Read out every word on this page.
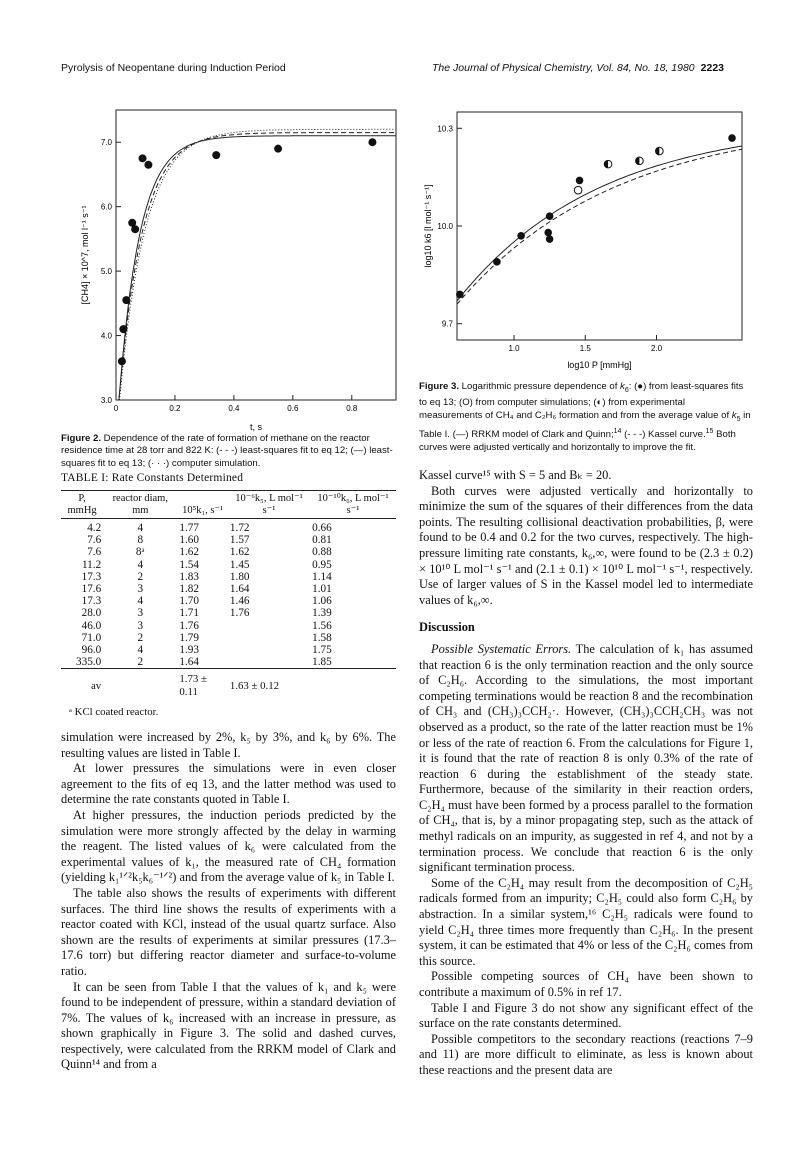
Pyrolysis of Neopentane during Induction Period	The Journal of Physical Chemistry, Vol. 84, No. 18, 1980 2223
0	0.2	0.4	0.6	0.8
3.0
4.0
5.0
6.0
7.0
t, s
[CH4] × 10^7, mol l⁻¹ s⁻¹
Figure 2. Dependence of the rate of formation of methane on the reactor residence time at 28 torr and 822 K: (- - -) least-squares fit to eq 12; (—) least-squares fit to eq 13; (· · ·) computer simulation.
1.0	1.5	2.0
9.7
10.0
10.3
log10 P [mmHg]
log10 k6 [l mol⁻¹ s⁻¹]
Figure 3. Logarithmic pressure dependence of $k_6$: (●) from least-squares fits to eq 13; (O) from computer simulations; (◐) from experimental measurements of CH₄ and C₂H₆ formation and from the average value of $k_5$ in Table I. (—) RRKM model of Clark and Quinn;$^{14}$ (- - -) Kassel curve.$^{15}$ Both curves were adjusted vertically and horizontally to improve the fit.
TABLE I: Rate Constants Determined
P, mmHg	reactor diam, mm	10⁵k₁, s⁻¹	10⁻⁶k₅, L mol⁻¹ s⁻¹	10⁻¹⁰k₆, L mol⁻¹ s⁻¹
4.2	4	1.77	1.72	0.66
7.6	8	1.60	1.57	0.81
7.6	8ᵃ	1.62	1.62	0.88
11.2	4	1.54	1.45	0.95
17.3	2	1.83	1.80	1.14
17.6	3	1.82	1.64	1.01
17.3	4	1.70	1.46	1.06
28.0	3	1.71	1.76	1.39
46.0	3	1.76		1.56
71.0	2	1.79		1.58
96.0	4	1.93		1.75
335.0	2	1.64		1.85
av		1.73 ± 0.11	1.63 ± 0.12	
ᵃ KCl coated reactor.

simulation were increased by 2%, k₅ by 3%, and k₆ by 6%. The resulting values are listed in Table I.

At lower pressures the simulations were in even closer agreement to the fits of eq 13, and the latter method was used to determine the rate constants quoted in Table I.

At higher pressures, the induction periods predicted by the simulation were more strongly affected by the delay in warming the reagent. The listed values of k₆ were calculated from the experimental values of k₁, the measured rate of CH₄ formation (yielding k₁¹ᐟ²k₅k₆⁻¹ᐟ²) and from the average value of k₅ in Table I.

The table also shows the results of experiments with different surfaces. The third line shows the results of experiments with a reactor coated with KCl, instead of the usual quartz surface. Also shown are the results of experiments at similar pressures (17.3–17.6 torr) but differing reactor diameter and surface-to-volume ratio.

It can be seen from Table I that the values of k₁ and k₅ were found to be independent of pressure, within a standard deviation of 7%. The values of k₆ increased with an increase in pressure, as shown graphically in Figure 3. The solid and dashed curves, respectively, were calculated from the RRKM model of Clark and Quinn¹⁴ and from a

Kassel curve¹⁵ with S = 5 and Bₖ = 20.

Both curves were adjusted vertically and horizontally to minimize the sum of the squares of their differences from the data points. The resulting collisional deactivation probabilities, β, were found to be 0.4 and 0.2 for the two curves, respectively. The high-pressure limiting rate constants, k₆,∞, were found to be (2.3 ± 0.2) × 10¹⁰ L mol⁻¹ s⁻¹ and (2.1 ± 0.1) × 10¹⁰ L mol⁻¹ s⁻¹, respectively. Use of larger values of S in the Kassel model led to intermediate values of k₆,∞.

Discussion

Possible Systematic Errors. The calculation of k₁ has assumed that reaction 6 is the only termination reaction and the only source of C₂H₆. According to the simulations, the most important competing terminations would be reaction 8 and the recombination of CH₃ and (CH₃)₃CCH₂·. However, (CH₃)₃CCH₂CH₃ was not observed as a product, so the rate of the latter reaction must be 1% or less of the rate of reaction 6. From the calculations for Figure 1, it is found that the rate of reaction 8 is only 0.3% of the rate of reaction 6 during the establishment of the steady state. Furthermore, because of the similarity in their reaction orders, C₂H₄ must have been formed by a process parallel to the formation of CH₄, that is, by a minor propagating step, such as the attack of methyl radicals on an impurity, as suggested in ref 4, and not by a termination process. We conclude that reaction 6 is the only significant termination process.

Some of the C₂H₄ may result from the decomposition of C₂H₅ radicals formed from an impurity; C₂H₅ could also form C₂H₆ by abstraction. In a similar system,¹⁶ C₂H₅ radicals were found to yield C₂H₄ three times more frequently than C₂H₆. In the present system, it can be estimated that 4% or less of the C₂H₆ comes from this source.

Possible competing sources of CH₄ have been shown to contribute a maximum of 0.5% in ref 17.

Table I and Figure 3 do not show any significant effect of the surface on the rate constants determined.

Possible competitors to the secondary reactions (reactions 7–9 and 11) are more difficult to eliminate, as less is known about these reactions and the present data are
